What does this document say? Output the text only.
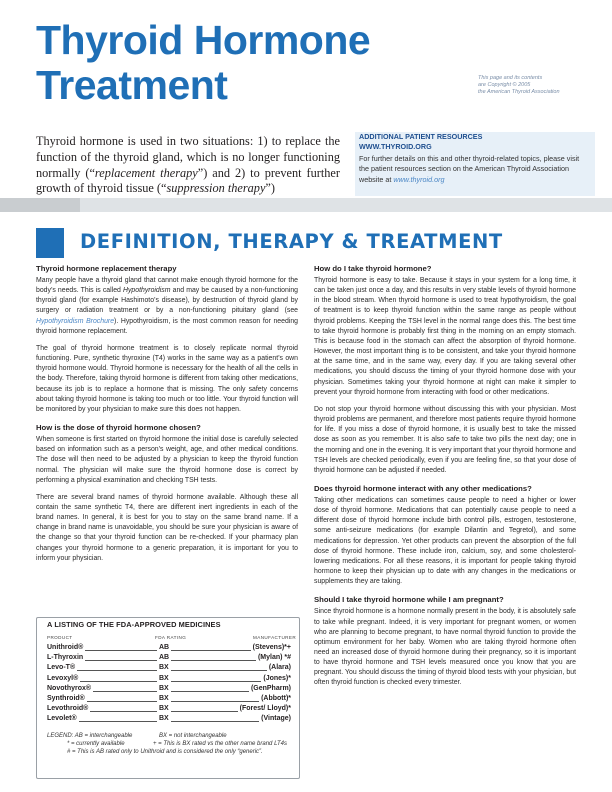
Thyroid Hormone
Treatment	This page and its contents
are Copyright © 2005
the American Thyroid Association

Thyroid hormone is used in two situations: 1) to replace the function of the thyroid gland, which is no longer functioning normally (“replacement therapy”) and 2) to prevent further growth of thyroid tissue (“suppression therapy”)

ADDITIONAL PATIENT RESOURCES
WWW.THYROID.ORG
For further details on this and other thyroid-related topics, please visit the patient resources section on the American Thyroid Association website at www.thyroid.org
DEFINITION, THERAPY & TREATMENT
Thyroid hormone replacement therapy

Many people have a thyroid gland that cannot make enough thyroid hormone for the body’s needs. This is called Hypothyroidism and may be caused by a non-functioning thyroid gland (for example Hashimoto’s disease), by destruction of thyroid gland by surgery or radiation treatment or by a non-functioning pituitary gland (see Hypothyroidism Brochure). Hypothyroidism, is the most common reason for needing thyroid hormone replacement.

The goal of thyroid hormone treatment is to closely replicate normal thyroid functioning. Pure, synthetic thyroxine (T4) works in the same way as a patient’s own thyroid hormone would. Thyroid hormone is necessary for the health of all the cells in the body. Therefore, taking thyroid hormone is different from taking other medications, because its job is to replace a hormone that is missing. The only safety concerns about taking thyroid hormone is taking too much or too little. Your thyroid function will be monitored by your physician to make sure this does not happen.

How is the dose of thyroid hormone chosen?

When someone is first started on thyroid hormone the initial dose is carefully selected based on information such as a person’s weight, age, and other medical conditions. The dose will then need to be adjusted by a physician to keep the thyroid function normal. The physician will make sure the thyroid hormone dose is correct by performing a physical examination and checking TSH tests.

There are several brand names of thyroid hormone available. Although these all contain the same synthetic T4, there are different inert ingredients in each of the brand names. In general, it is best for you to stay on the same brand name. If a change in brand name is unavoidable, you should be sure your physician is aware of the change so that your thyroid function can be re-checked. If your pharmacy plan changes your thyroid hormone to a generic preparation, it is important for you to inform your physician.

A LISTING OF THE FDA-APPROVED MEDICINES
PRODUCT	FDA RATING	MANUFACTURER
Unithroid®	AB	(Stevens)*+
L-Thyroxin	AB	(Mylan) *#
Levo-T®	BX	(Alara)
Levoxyl®	BX	(Jones)*
Novothyrox®	BX	(GenPharm)
Synthroid®	BX	(Abbott)*
Levothroid®	BX	(Forest/ Lloyd)*
Levolet®	BX	(Vintage)
LEGEND: AB = interchangeable	BX = not interchangeable
* = currently available	+ = This is BX rated vs the other name brand LT4s
# = This is AB rated only to Unithroid and is considered the only “generic”.
How do I take thyroid hormone?

Thyroid hormone is easy to take. Because it stays in your system for a long time, it can be taken just once a day, and this results in very stable levels of thyroid hormone in the blood stream. When thyroid hormone is used to treat hypothyroidism, the goal of treatment is to keep thyroid function within the same range as people without thyroid problems. Keeping the TSH level in the normal range does this. The best time to take thyroid hormone is probably first thing in the morning on an empty stomach. This is because food in the stomach can affect the absorption of thyroid hormone. However, the most important thing is to be consistent, and take your thyroid hormone at the same time, and in the same way, every day. If you are taking several other medications, you should discuss the timing of your thyroid hormone dose with your physician. Sometimes taking your thyroid hormone at night can make it simpler to prevent your thyroid hormone from interacting with food or other medications.

Do not stop your thyroid hormone without discussing this with your physician. Most thyroid problems are permanent, and therefore most patients require thyroid hormone for life. If you miss a dose of thyroid hormone, it is usually best to take the missed dose as soon as you remember. It is also safe to take two pills the next day; one in the morning and one in the evening. It is very important that your thyroid hormone and TSH levels are checked periodically, even if you are feeling fine, so that your dose of thyroid hormone can be adjusted if needed.

Does thyroid hormone interact with any other medications?

Taking other medications can sometimes cause people to need a higher or lower dose of thyroid hormone. Medications that can potentially cause people to need a different dose of thyroid hormone include birth control pills, estrogen, testosterone, some anti-seizure medications (for example Dilantin and Tegretol), and some medications for depression. Yet other products can prevent the absorption of the full dose of thyroid hormone. These include iron, calcium, soy, and some cholesterol-lowering medications. For all these reasons, it is important for people taking thyroid hormone to keep their physician up to date with any changes in the medications or supplements they are taking.

Should I take thyroid hormone while I am pregnant?

Since thyroid hormone is a hormone normally present in the body, it is absolutely safe to take while pregnant. Indeed, it is very important for pregnant women, or women who are planning to become pregnant, to have normal thyroid function to provide the optimum environment for her baby. Women who are taking thyroid hormone often need an increased dose of thyroid hormone during their pregnancy, so it is important to have thyroid hormone and TSH levels measured once you know that you are pregnant. You should discuss the timing of thyroid blood tests with your physician, but often thyroid function is checked every trimester.
